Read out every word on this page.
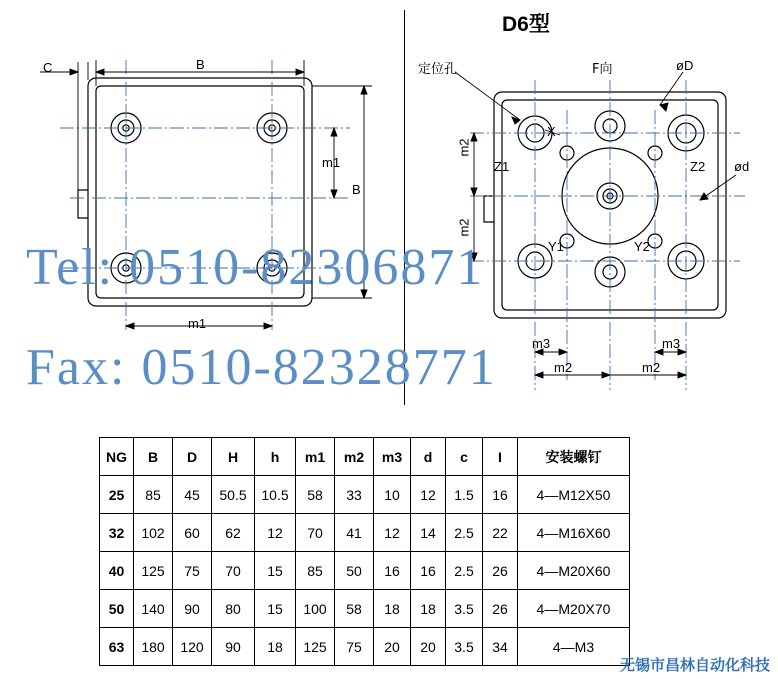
D6型
C	B
m1
B
m1
定位孔	F向	øD
ød
X
Z1	Z2
Y1	Y2
m2
m2
m3	m3
m2	m2
Tel: 0510-82306871
Fax: 0510-82328771
NG	B	D	H	h	m1	m2	m3	d	c	I	安装螺钉
25	85	45	50.5	10.5	58	33	10	12	1.5	16	4—M12X50
32	102	60	62	12	70	41	12	14	2.5	22	4—M16X60
40	125	75	70	15	85	50	16	16	2.5	26	4—M20X60
50	140	90	80	15	100	58	18	18	3.5	26	4—M20X70
63	180	120	90	18	125	75	20	20	3.5	34	4—M3
无锡市昌林自动化科技
